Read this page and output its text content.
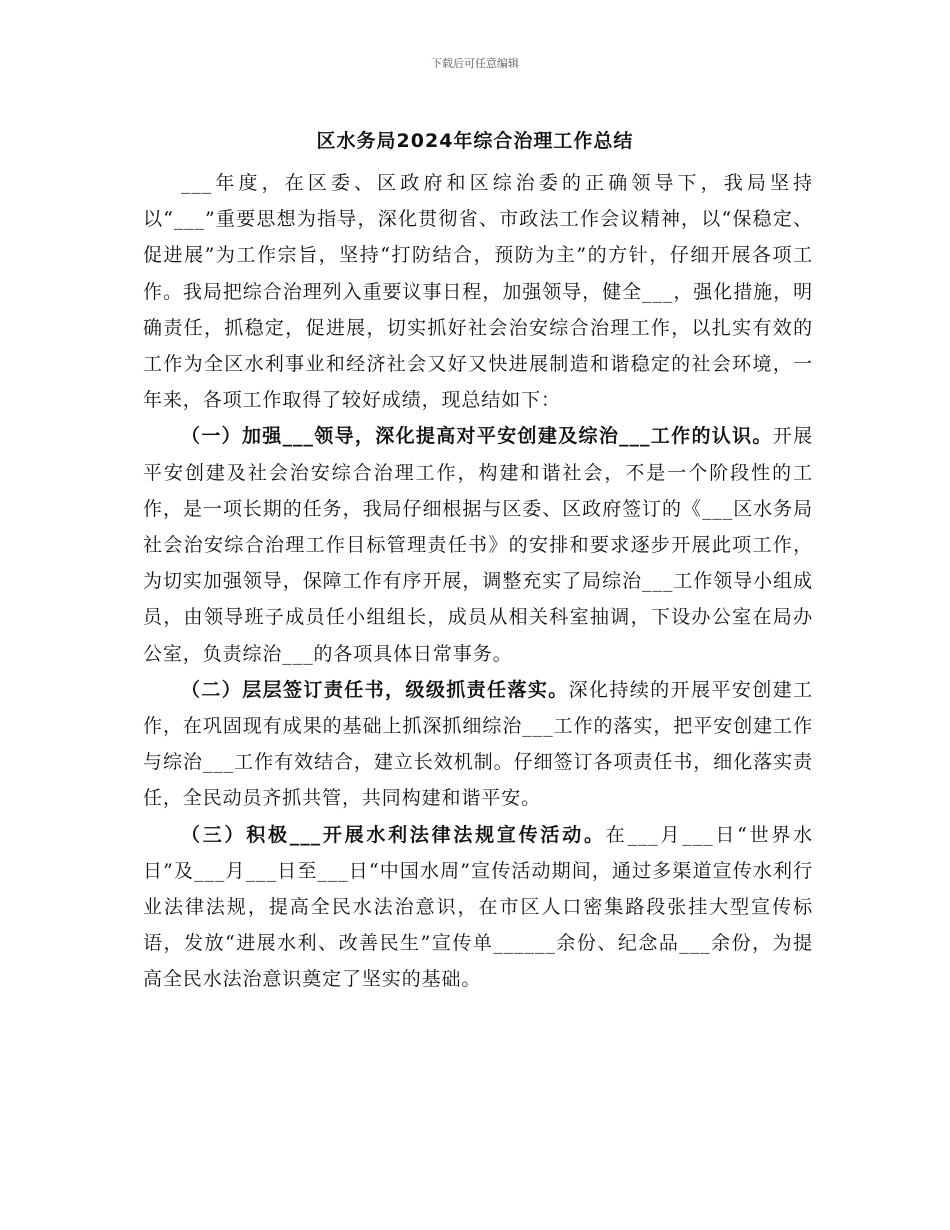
下载后可任意编辑
区水务局2024年综合治理工作总结

___年度，在区委、区政府和区综治委的正确领导下，我局坚持以“___”重要思想为指导，深化贯彻省、市政法工作会议精神，以“保稳定、促进展”为工作宗旨，坚持“打防结合，预防为主”的方针，仔细开展各项工作。我局把综合治理列入重要议事日程，加强领导，健全___，强化措施，明确责任，抓稳定，促进展，切实抓好社会治安综合治理工作，以扎实有效的工作为全区水利事业和经济社会又好又快进展制造和谐稳定的社会环境，一年来，各项工作取得了较好成绩，现总结如下：

（一）加强___领导，深化提高对平安创建及综治___工作的认识。开展平安创建及社会治安综合治理工作，构建和谐社会，不是一个阶段性的工作，是一项长期的任务，我局仔细根据与区委、区政府签订的《___区水务局社会治安综合治理工作目标管理责任书》的安排和要求逐步开展此项工作，为切实加强领导，保障工作有序开展，调整充实了局综治___工作领导小组成员，由领导班子成员任小组组长，成员从相关科室抽调，下设办公室在局办公室，负责综治___的各项具体日常事务。

（二）层层签订责任书，级级抓责任落实。深化持续的开展平安创建工作，在巩固现有成果的基础上抓深抓细综治___工作的落实，把平安创建工作与综治___工作有效结合，建立长效机制。仔细签订各项责任书，细化落实责任，全民动员齐抓共管，共同构建和谐平安。

（三）积极___开展水利法律法规宣传活动。在___月___日“世界水日”及___月___日至___日“中国水周”宣传活动期间，通过多渠道宣传水利行业法律法规，提高全民水法治意识，在市区人口密集路段张挂大型宣传标语，发放“进展水利、改善民生”宣传单______余份、纪念品___余份，为提高全民水法治意识奠定了坚实的基础。
